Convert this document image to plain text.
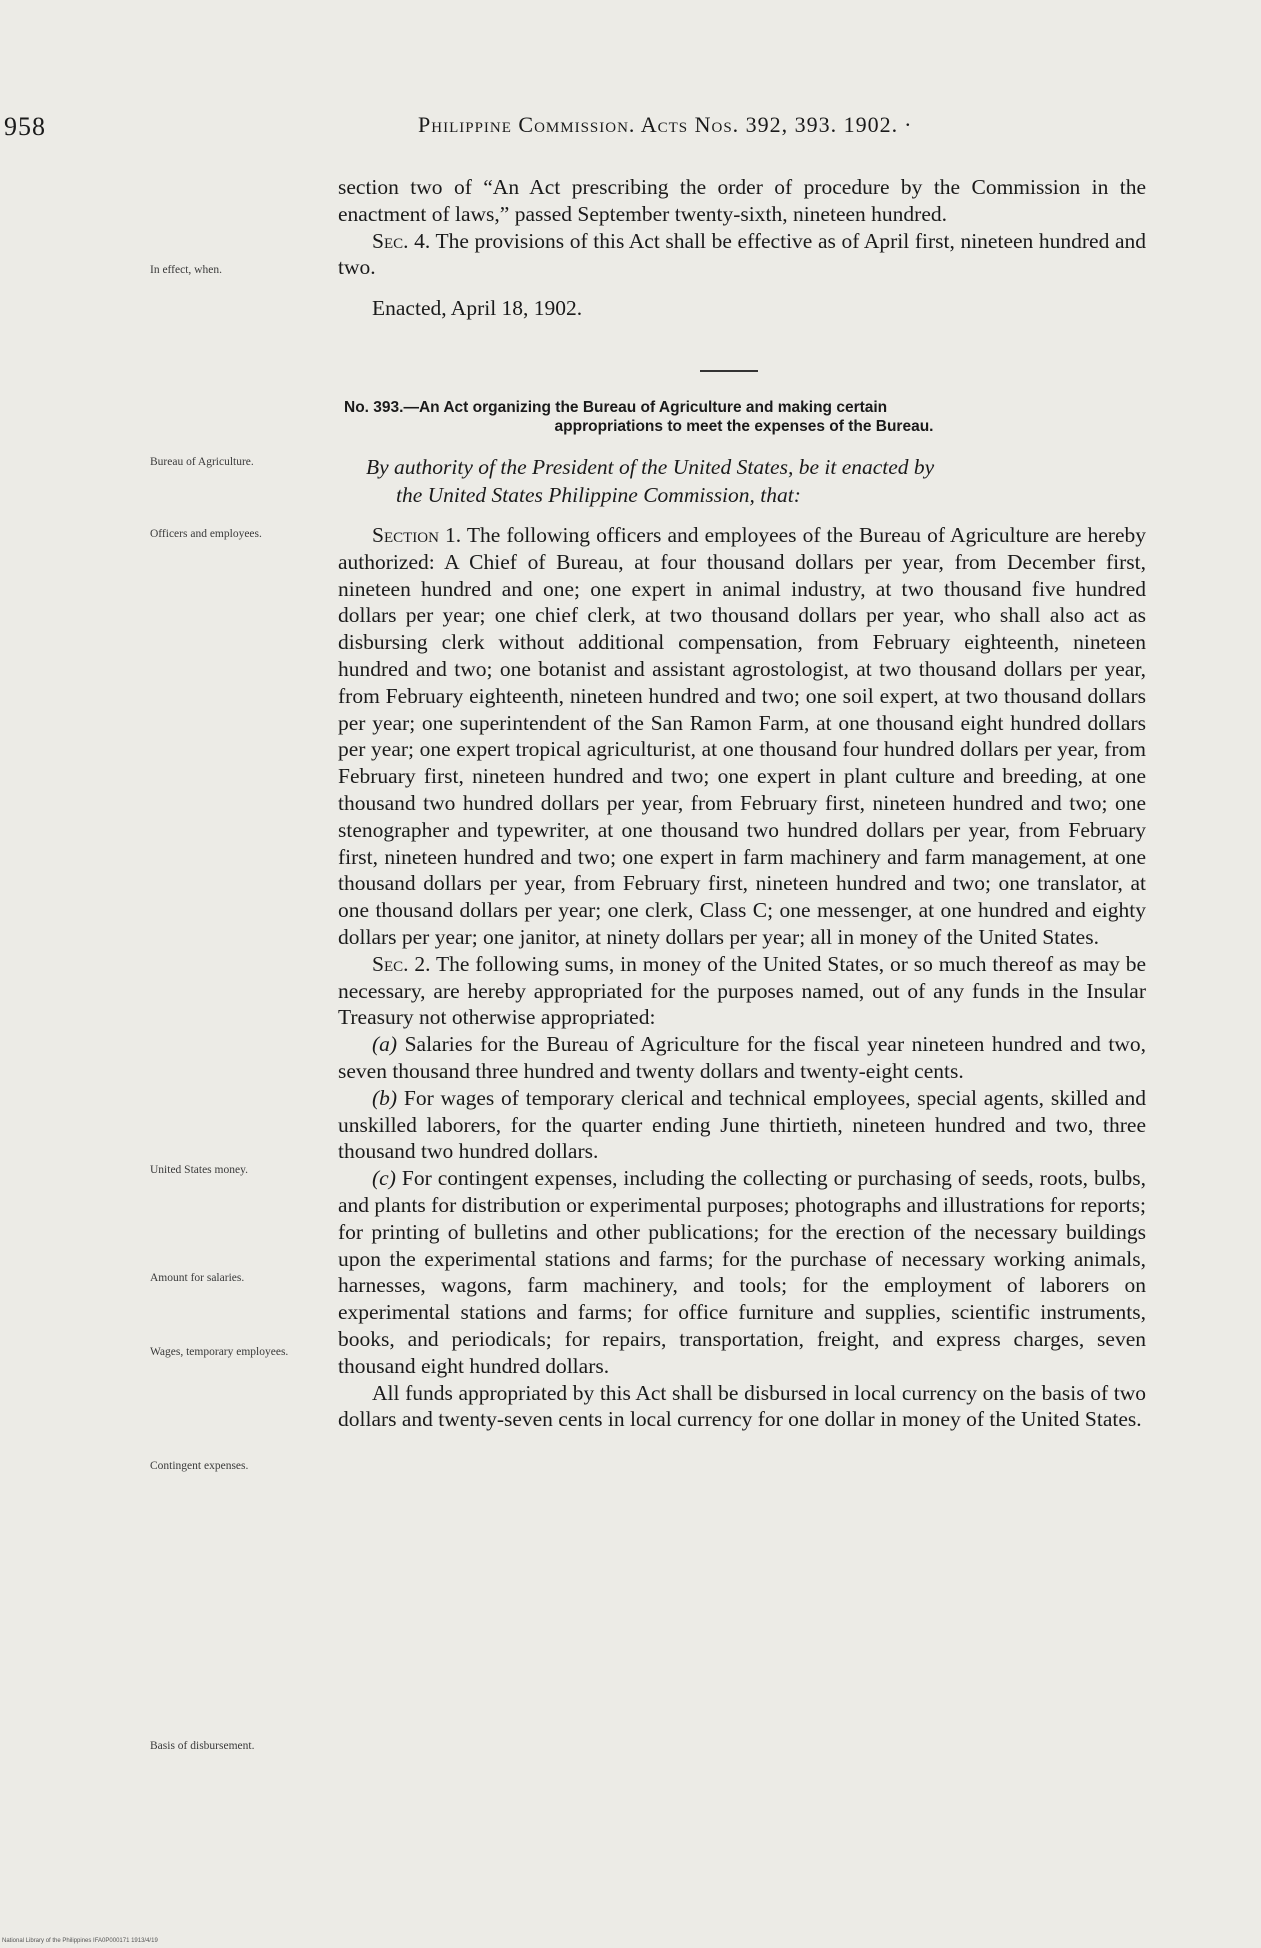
958	Philippine Commission. Acts Nos. 392, 393. 1902. ·

section two of “An Act prescribing the order of procedure by the Commission in the enactment of laws,” passed September twenty-sixth, nineteen hundred.

Sec. 4. The provisions of this Act shall be effective as of April first, nineteen hundred and two.

Enacted, April 18, 1902.

In effect, when.
No. 393.—An Act organizing the Bureau of Agriculture and making certain
appropriations to meet the expenses of the Bureau.
Bureau of Agriculture.	By authority of the President of the United States, be it enacted by
the United States Philippine Commission, that:
Officers and employees.	Section 1. The following officers and employees of the Bureau of Agriculture are hereby authorized: A Chief of Bureau, at four thousand dollars per year, from December first, nineteen hundred and one; one expert in animal industry, at two thousand five hundred dollars per year; one chief clerk, at two thousand dollars per year, who shall also act as disbursing clerk without additional compensation, from February eighteenth, nineteen hundred and two; one botanist and assistant agrostologist, at two thousand dollars per year, from February eighteenth, nineteen hundred and two; one soil expert, at two thousand dollars per year; one superintendent of the San Ramon Farm, at one thousand eight hundred dollars per year; one expert tropical agriculturist, at one thousand four hundred dollars per year, from February first, nineteen hundred and two; one expert in plant culture and breeding, at one thousand two hundred dollars per year, from February first, nineteen hundred and two; one stenographer and typewriter, at one thousand two hundred dollars per year, from February first, nineteen hundred and two; one expert in farm machinery and farm management, at one thousand dollars per year, from February first, nineteen hundred and two; one translator, at one thousand dollars per year; one clerk, Class C; one messenger, at one hundred and eighty dollars per year; one janitor, at ninety dollars per year; all in money of the United States.

Sec. 2. The following sums, in money of the United States, or so much thereof as may be necessary, are hereby appropriated for the purposes named, out of any funds in the Insular Treasury not otherwise appropriated:

(a) Salaries for the Bureau of Agriculture for the fiscal year nineteen hundred and two, seven thousand three hundred and twenty dollars and twenty-eight cents.

(b) For wages of temporary clerical and technical employees, special agents, skilled and unskilled laborers, for the quarter ending June thirtieth, nineteen hundred and two, three thousand two hundred dollars.

(c) For contingent expenses, including the collecting or purchasing of seeds, roots, bulbs, and plants for distribution or experimental purposes; photographs and illustrations for reports; for printing of bulletins and other publications; for the erection of the necessary buildings upon the experimental stations and farms; for the purchase of necessary working animals, harnesses, wagons, farm machinery, and tools; for the employment of laborers on experimental stations and farms; for office furniture and supplies, scientific instruments, books, and periodicals; for repairs, transportation, freight, and express charges, seven thousand eight hundred dollars.

All funds appropriated by this Act shall be disbursed in local currency on the basis of two dollars and twenty-seven cents in local currency for one dollar in money of the United States.

United States money.
Amount for salaries.
Wages, temporary employees.
Contingent expenses.
Basis of disbursement.
National Library of the Philippines IFA0P000171 1913/4/19
